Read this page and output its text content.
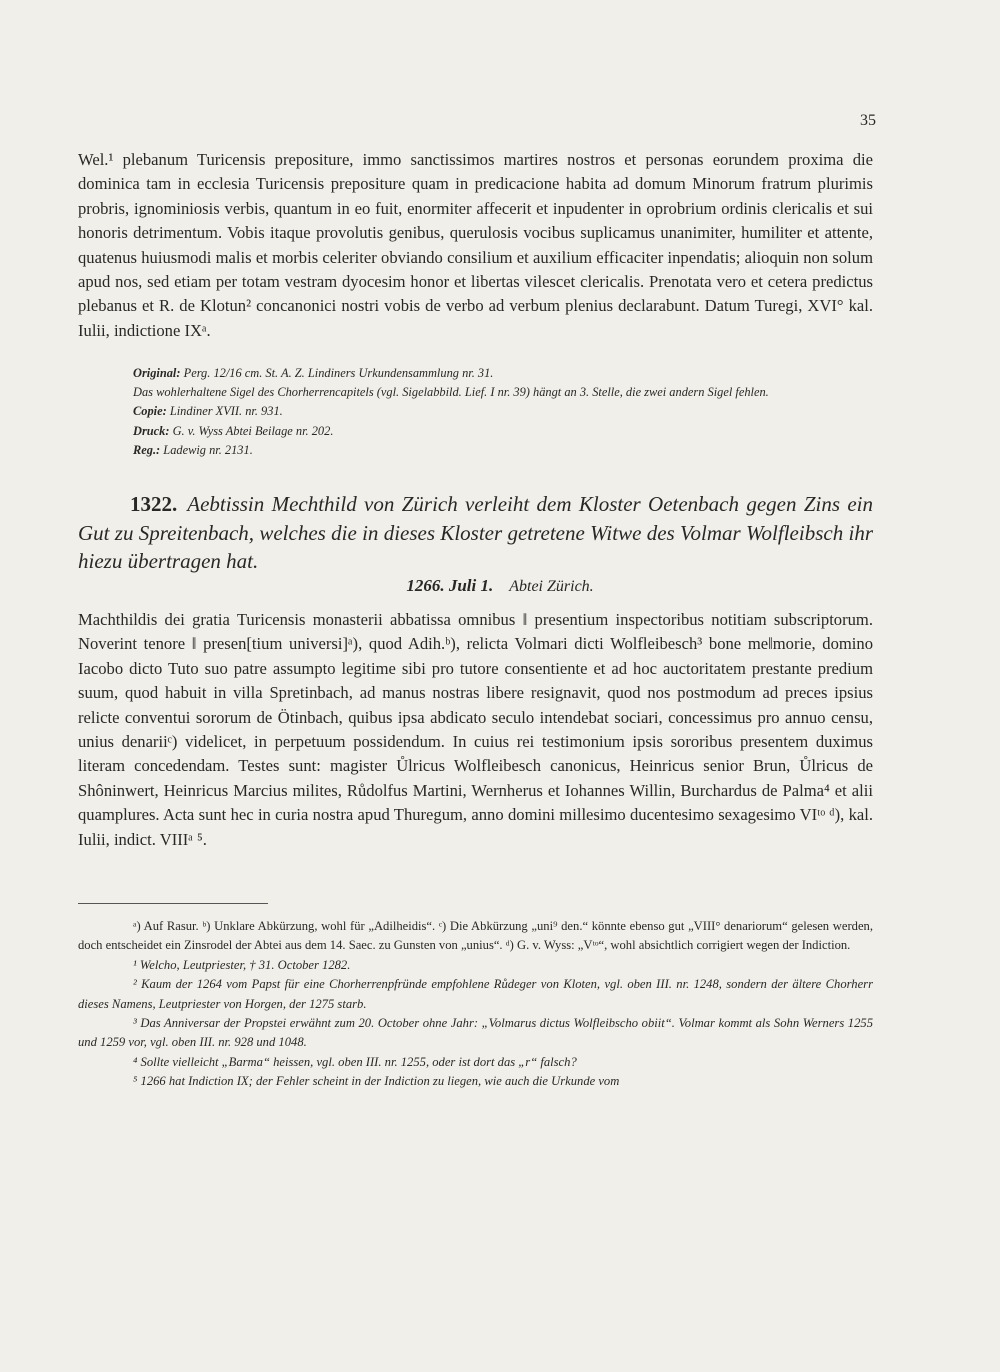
35

Wel.¹ plebanum Turicensis prepositure, immo sanctissimos martires nostros et personas eorundem proxima die dominica tam in ecclesia Turicensis prepositure quam in predicacione habita ad domum Minorum fratrum plurimis probris, ignominiosis verbis, quantum in eo fuit, enormiter affecerit et inpudenter in oprobrium ordinis clericalis et sui honoris detrimentum. Vobis itaque provolutis genibus, querulosis vocibus suplicamus unanimiter, humiliter et attente, quatenus huiusmodi malis et morbis celeriter obviando consilium et auxilium efficaciter inpendatis; alioquin non solum apud nos, sed etiam per totam vestram dyocesim honor et libertas vilescet clericalis. Prenotata vero et cetera predictus plebanus et R. de Klotun² concanonici nostri vobis de verbo ad verbum plenius declarabunt. Datum Turegi, XVI° kal. Iulii, indictione IXᵃ.

Original: Perg. 12/16 cm. St. A. Z. Lindiners Urkundensammlung nr. 31.

Das wohlerhaltene Sigel des Chorherrencapitels (vgl. Sigelabbild. Lief. I nr. 39) hängt an 3. Stelle, die zwei andern Sigel fehlen.

Copie: Lindiner XVII. nr. 931.

Druck: G. v. Wyss Abtei Beilage nr. 202.

Reg.: Ladewig nr. 2131.

1322. Aebtissin Mechthild von Zürich verleiht dem Kloster Oetenbach gegen Zins ein Gut zu Spreitenbach, welches die in dieses Kloster getretene Witwe des Volmar Wolfleibsch ihr hiezu übertragen hat.
1266. Juli 1. Abtei Zürich.

Machthildis dei gratia Turicensis monasterii abbatissa omnibus ‖ presentium inspectoribus notitiam subscriptorum. Noverint tenore ‖ presen[tium universi]ᵃ), quod Adih.ᵇ), relicta Volmari dicti Wolfleibesch³ bone me‖morie, domino Iacobo dicto Tuto suo patre assumpto legitime sibi pro tutore consentiente et ad hoc auctoritatem prestante predium suum, quod habuit in villa Spretinbach, ad manus nostras libere resignavit, quod nos postmodum ad preces ipsius relicte conventui sororum de Ötinbach, quibus ipsa abdicato seculo intendebat sociari, concessimus pro annuo censu, unius denariiᶜ) videlicet, in perpetuum possidendum. In cuius rei testimonium ipsis sororibus presentem duximus literam concedendam. Testes sunt: magister Ůlricus Wolfleibesch canonicus, Heinricus senior Brun, Ůlricus de Shôninwert, Heinricus Marcius milites, Růdolfus Martini, Wernherus et Iohannes Willin, Burchardus de Palma⁴ et alii quamplures. Acta sunt hec in curia nostra apud Thuregum, anno domini millesimo ducentesimo sexagesimo VIᵗᵒ ᵈ), kal. Iulii, indict. VIIIᵃ ⁵.

ᵃ) Auf Rasur. ᵇ) Unklare Abkürzung, wohl für „Adilheidis“. ᶜ) Die Abkürzung „uni⁹ den.“ könnte ebenso gut „VIII° denariorum“ gelesen werden, doch entscheidet ein Zinsrodel der Abtei aus dem 14. Saec. zu Gunsten von „unius“. ᵈ) G. v. Wyss: „Vᵗᵒ“, wohl absichtlich corrigiert wegen der Indiction.

¹ Welcho, Leutpriester, † 31. October 1282.

² Kaum der 1264 vom Papst für eine Chorherrenpfründe empfohlene Růdeger von Kloten, vgl. oben III. nr. 1248, sondern der ältere Chorherr dieses Namens, Leutpriester von Horgen, der 1275 starb.

³ Das Anniversar der Propstei erwähnt zum 20. October ohne Jahr: „Volmarus dictus Wolfleibscho obiit“. Volmar kommt als Sohn Werners 1255 und 1259 vor, vgl. oben III. nr. 928 und 1048.

⁴ Sollte vielleicht „Barma“ heissen, vgl. oben III. nr. 1255, oder ist dort das „r“ falsch?

⁵ 1266 hat Indiction IX; der Fehler scheint in der Indiction zu liegen, wie auch die Urkunde vom
